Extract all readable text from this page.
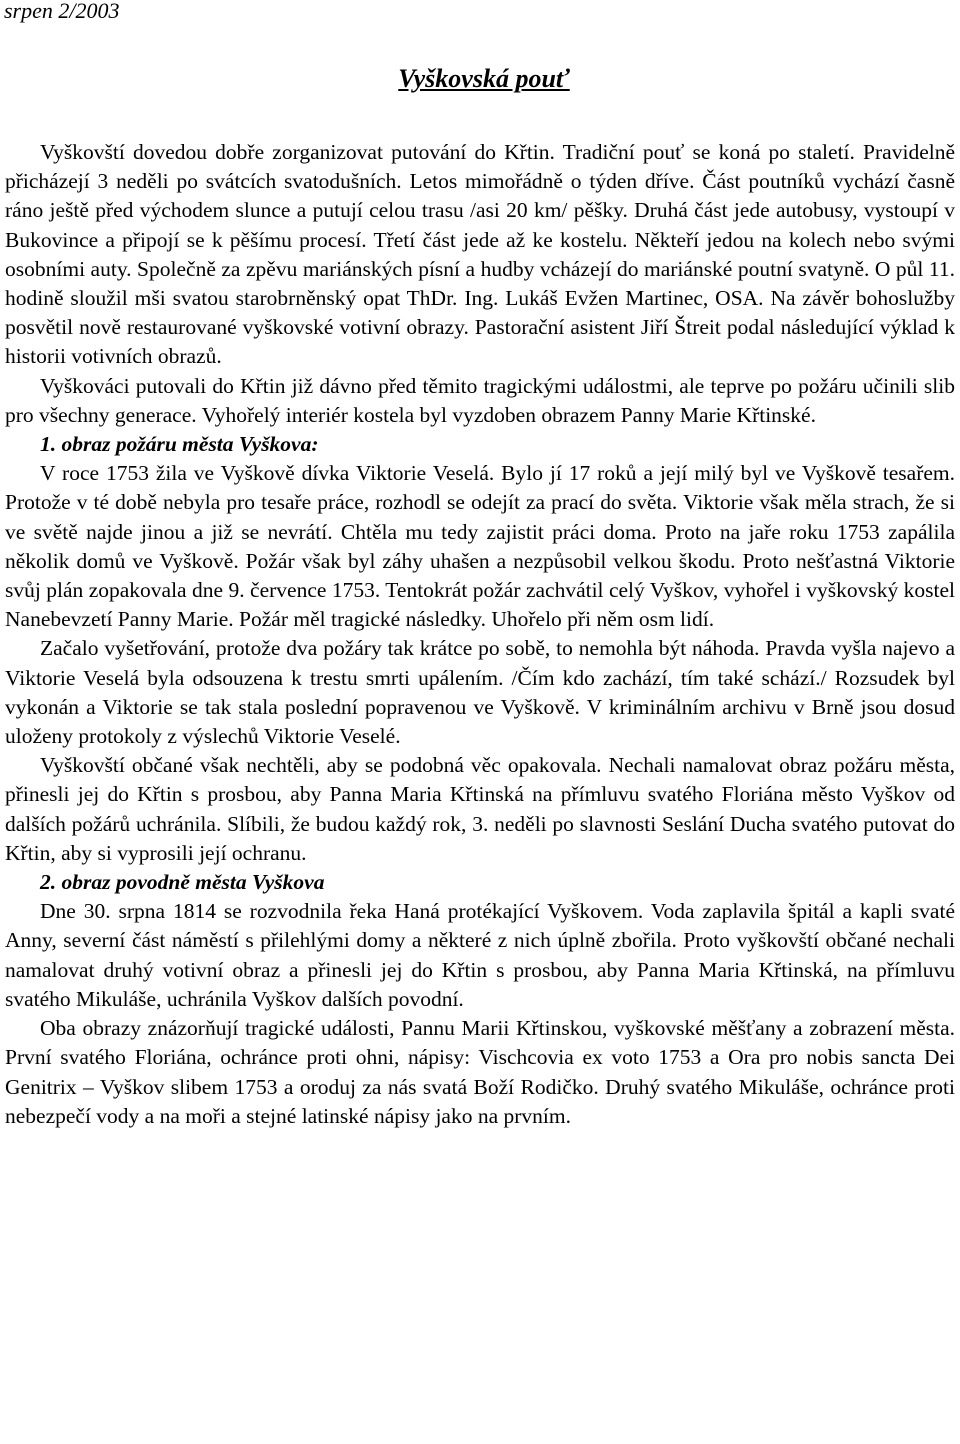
srpen 2/2003
Vyškovská pouť

Vyškovští dovedou dobře zorganizovat putování do Křtin. Tradiční pouť se koná po staletí. Pravidelně přicházejí 3 neděli po svátcích svatodušních. Letos mimořádně o týden dříve. Část poutníků vychází časně ráno ještě před východem slunce a putují celou trasu /asi 20 km/ pěšky. Druhá část jede autobusy, vystoupí v Bukovince a připojí se k pěšímu procesí. Třetí část jede až ke kostelu. Někteří jedou na kolech nebo svými osobními auty. Společně za zpěvu mariánských písní a hudby vcházejí do mariánské poutní svatyně. O půl 11. hodině sloužil mši svatou starobrněnský opat ThDr. Ing. Lukáš Evžen Martinec, OSA. Na závěr bohoslužby posvětil nově restaurované vyškovské votivní obrazy. Pastorační asistent Jiří Štreit podal následující výklad k historii votivních obrazů.

Vyškováci putovali do Křtin již dávno před těmito tragickými událostmi, ale teprve po požáru učinili slib pro všechny generace. Vyhořelý interiér kostela byl vyzdoben obrazem Panny Marie Křtinské.

1. obraz požáru města Vyškova:

V roce 1753 žila ve Vyškově dívka Viktorie Veselá. Bylo jí 17 roků a její milý byl ve Vyškově tesařem. Protože v té době nebyla pro tesaře práce, rozhodl se odejít za prací do světa. Viktorie však měla strach, že si ve světě najde jinou a již se nevrátí. Chtěla mu tedy zajistit práci doma. Proto na jaře roku 1753 zapálila několik domů ve Vyškově. Požár však byl záhy uhašen a nezpůsobil velkou škodu. Proto nešťastná Viktorie svůj plán zopakovala dne 9. července 1753. Tentokrát požár zachvátil celý Vyškov, vyhořel i vyškovský kostel Nanebevzetí Panny Marie. Požár měl tragické následky. Uhořelo při něm osm lidí.

Začalo vyšetřování, protože dva požáry tak krátce po sobě, to nemohla být náhoda. Pravda vyšla najevo a Viktorie Veselá byla odsouzena k trestu smrti upálením. /Čím kdo zachází, tím také schází./ Rozsudek byl vykonán a Viktorie se tak stala poslední popravenou ve Vyškově. V kriminálním archivu v Brně jsou dosud uloženy protokoly z výslechů Viktorie Veselé.

Vyškovští občané však nechtěli, aby se podobná věc opakovala. Nechali namalovat obraz požáru města, přinesli jej do Křtin s prosbou, aby Panna Maria Křtinská na přímluvu svatého Floriána město Vyškov od dalších požárů uchránila. Slíbili, že budou každý rok, 3. neděli po slavnosti Seslání Ducha svatého putovat do Křtin, aby si vyprosili její ochranu.

2. obraz povodně města Vyškova

Dne 30. srpna 1814 se rozvodnila řeka Haná protékající Vyškovem. Voda zaplavila špitál a kapli svaté Anny, severní část náměstí s přilehlými domy a některé z nich úplně zbořila. Proto vyškovští občané nechali namalovat druhý votivní obraz a přinesli jej do Křtin s prosbou, aby Panna Maria Křtinská, na přímluvu svatého Mikuláše, uchránila Vyškov dalších povodní.

Oba obrazy znázorňují tragické události, Pannu Marii Křtinskou, vyškovské měšťany a zobrazení města. První svatého Floriána, ochránce proti ohni, nápisy: Vischcovia ex voto 1753 a Ora pro nobis sancta Dei Genitrix – Vyškov slibem 1753 a oroduj za nás svatá Boží Rodičko. Druhý svatého Mikuláše, ochránce proti nebezpečí vody a na moři a stejné latinské nápisy jako na prvním.
